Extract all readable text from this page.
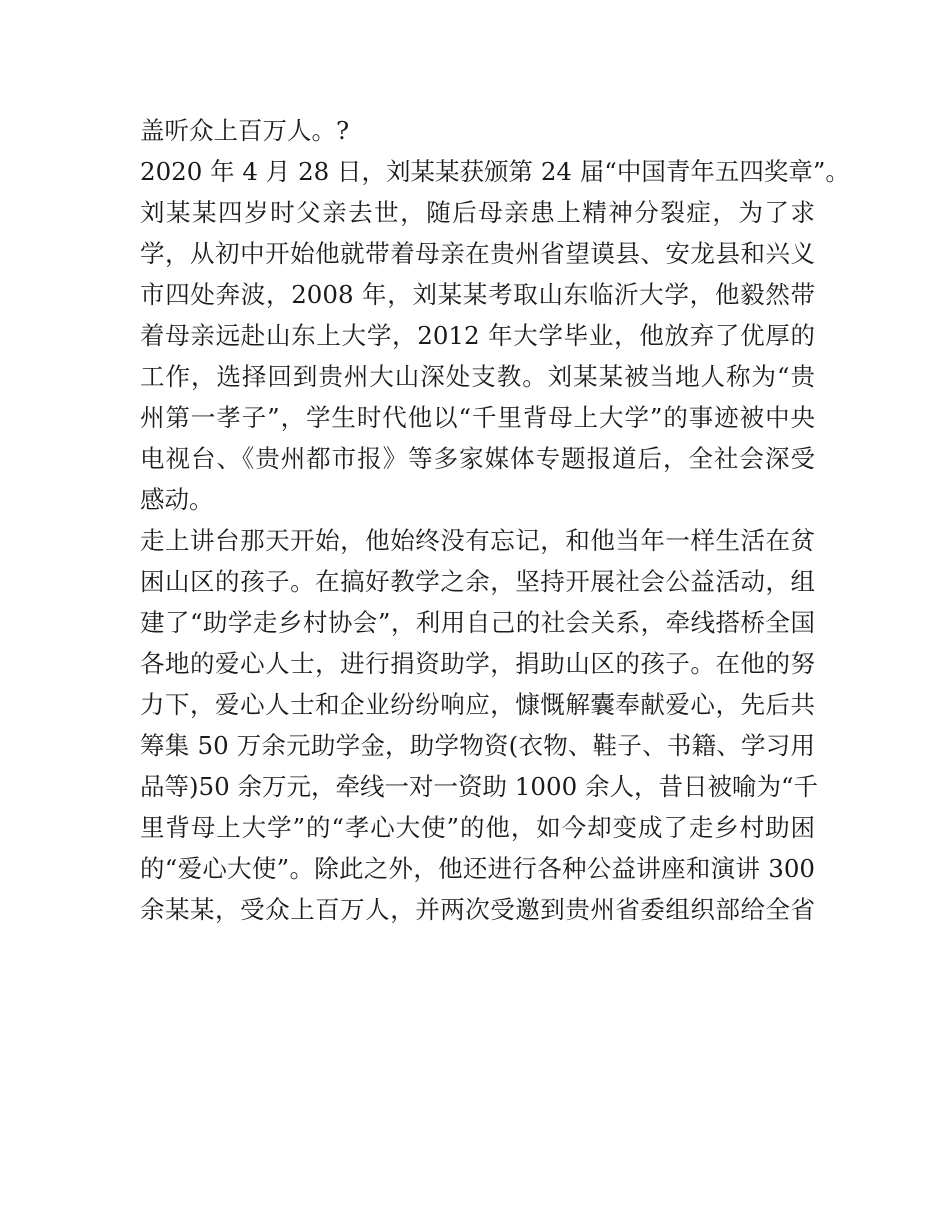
盖听众上百万人。?
2020 年 4 月 28 日，刘某某获颁第 24 届“中国青年五四奖章”。
刘某某四岁时父亲去世，随后母亲患上精神分裂症，为了求
学，从初中开始他就带着母亲在贵州省望谟县、安龙县和兴义
市四处奔波，2008 年，刘某某考取山东临沂大学，他毅然带
着母亲远赴山东上大学，2012 年大学毕业，他放弃了优厚的
工作，选择回到贵州大山深处支教。刘某某被当地人称为“贵
州第一孝子”，学生时代他以“千里背母上大学”的事迹被中央
电视台、《贵州都市报》等多家媒体专题报道后，全社会深受
感动。
走上讲台那天开始，他始终没有忘记，和他当年一样生活在贫
困山区的孩子。在搞好教学之余，坚持开展社会公益活动，组
建了“助学走乡村协会”，利用自己的社会关系，牵线搭桥全国
各地的爱心人士，进行捐资助学，捐助山区的孩子。在他的努
力下，爱心人士和企业纷纷响应，慷慨解囊奉献爱心，先后共
筹集 50 万余元助学金，助学物资(衣物、鞋子、书籍、学习用
品等)50 余万元，牵线一对一资助 1000 余人，昔日被喻为“千
里背母上大学”的“孝心大使”的他，如今却变成了走乡村助困
的“爱心大使”。除此之外，他还进行各种公益讲座和演讲 300
余某某，受众上百万人，并两次受邀到贵州省委组织部给全省
